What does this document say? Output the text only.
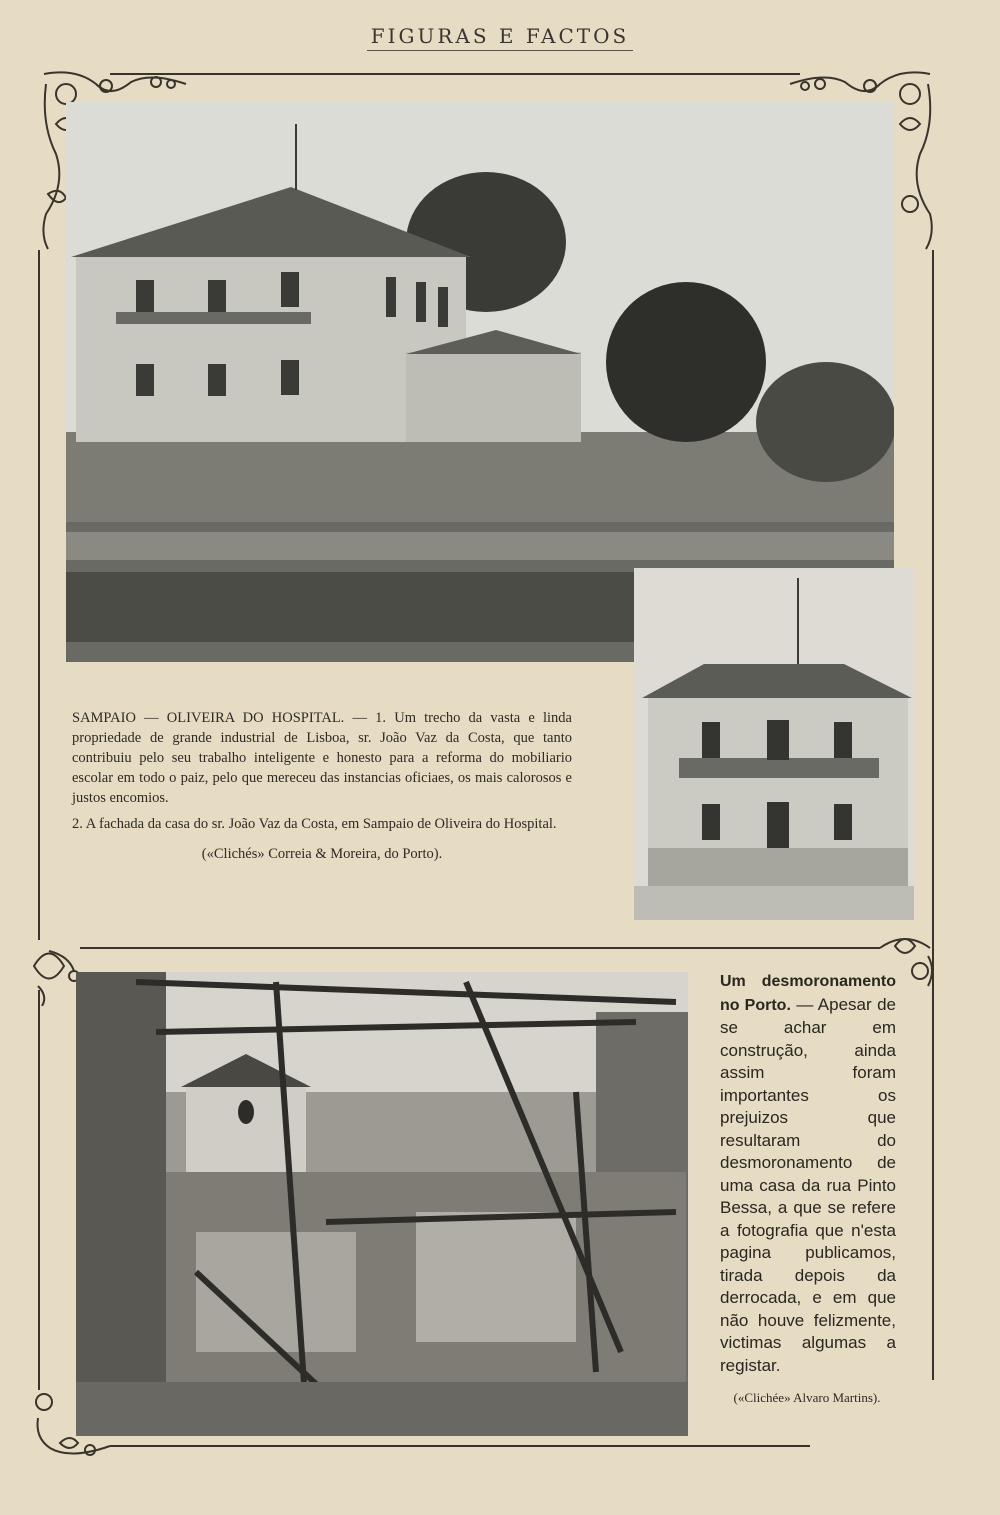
FIGURAS E FACTOS

SAMPAIO — OLIVEIRA DO HOSPITAL. — 1. Um trecho da vasta e linda propriedade de grande industrial de Lisboa, sr. João Vaz da Costa, que tanto contribuiu pelo seu trabalho inteligente e honesto para a reforma do mobiliario escolar em todo o paiz, pelo que mereceu das instancias oficiaes, os mais calorosos e justos encomios.

2. A fachada da casa do sr. João Vaz da Costa, em Sampaio de Oliveira do Hospital.

(«Clichés» Correia & Moreira, do Porto).

Um desmoronamento no Porto. — Apesar de se achar em construção, ainda assim foram importantes os prejuizos que resultaram do desmoronamento de uma casa da rua Pinto Bessa, a que se refere a fotografia que n'esta pagina publicamos, tirada depois da derrocada, e em que não houve felizmente, victimas algumas a registar.
(«Clichée» Alvaro Martins).
